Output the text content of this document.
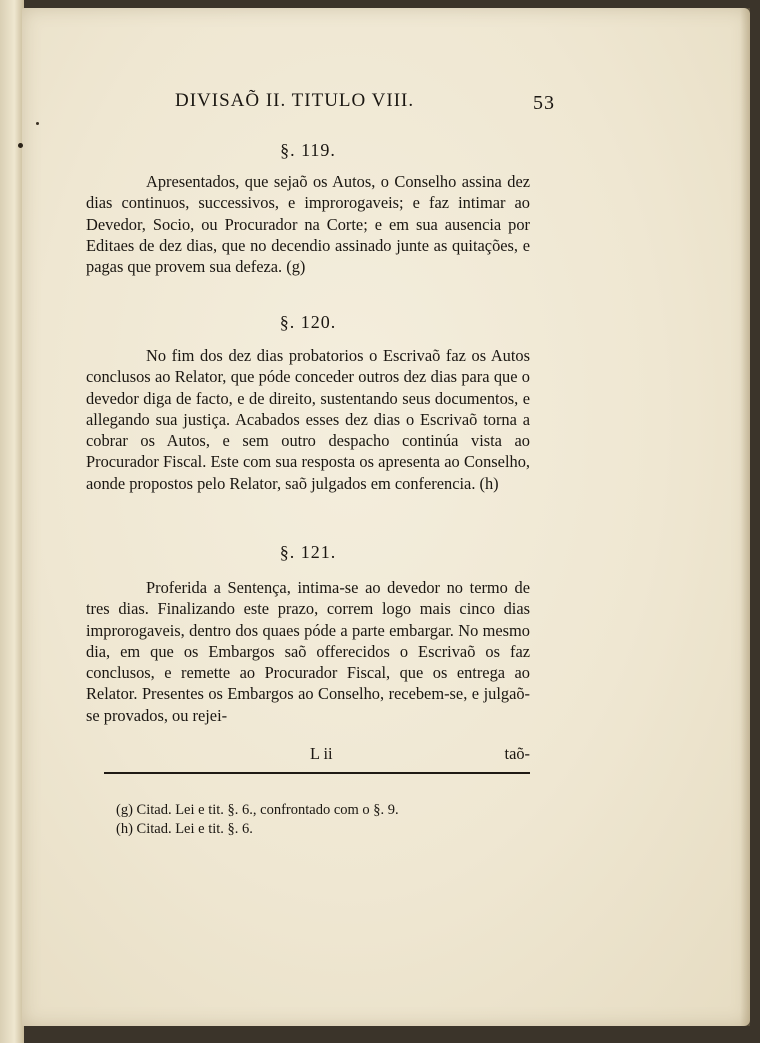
DIVISAÕ II. TITULO VIII.	53
§. 119.

Apresentados, que sejaõ os Autos, o Conselho assina dez dias continuos, successivos, e improrogaveis; e faz intimar ao Devedor, Socio, ou Procurador na Corte; e em sua ausencia por Editaes de dez dias, que no decendio assinado junte as quitações, e pagas que provem sua defeza. (g)

§. 120.

No fim dos dez dias probatorios o Escrivaõ faz os Autos conclusos ao Relator, que póde conceder outros dez dias para que o devedor diga de facto, e de direito, sustentando seus documentos, e allegando sua justiça. Acabados esses dez dias o Escrivaõ torna a cobrar os Autos, e sem outro despacho continúa vista ao Procurador Fiscal. Este com sua resposta os apresenta ao Conselho, aonde propostos pelo Relator, saõ julgados em conferencia. (h)

§. 121.

Proferida a Sentença, intima-se ao devedor no termo de tres dias. Finalizando este prazo, correm logo mais cinco dias improrogaveis, dentro dos quaes póde a parte embargar. No mesmo dia, em que os Embargos saõ offerecidos o Escrivaõ os faz conclusos, e remette ao Procurador Fiscal, que os entrega ao Relator. Presentes os Embargos ao Conselho, recebem-se, e julgaõ-se provados, ou rejei-

L ii	taõ-
(g) Citad. Lei e tit. §. 6., confrontado com o §. 9.
(h) Citad. Lei e tit. §. 6.
